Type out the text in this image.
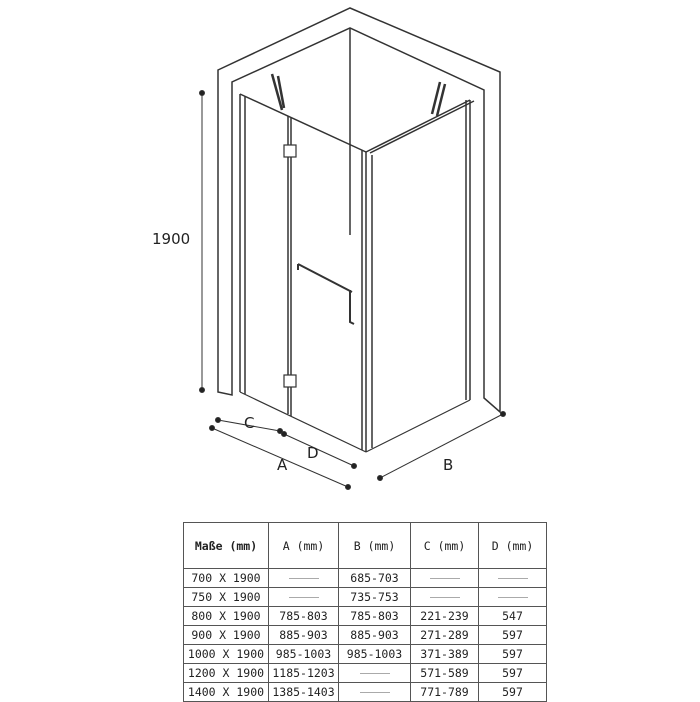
1900
C
D
A	B
Maße (mm)	A (mm)	B (mm)	C (mm)	D (mm)
700 X 1900		685-703		
750 X 1900		735-753		
800 X 1900	785-803	785-803	221-239	547
900 X 1900	885-903	885-903	271-289	597
1000 X 1900	985-1003	985-1003	371-389	597
1200 X 1900	1185-1203		571-589	597
1400 X 1900	1385-1403		771-789	597
